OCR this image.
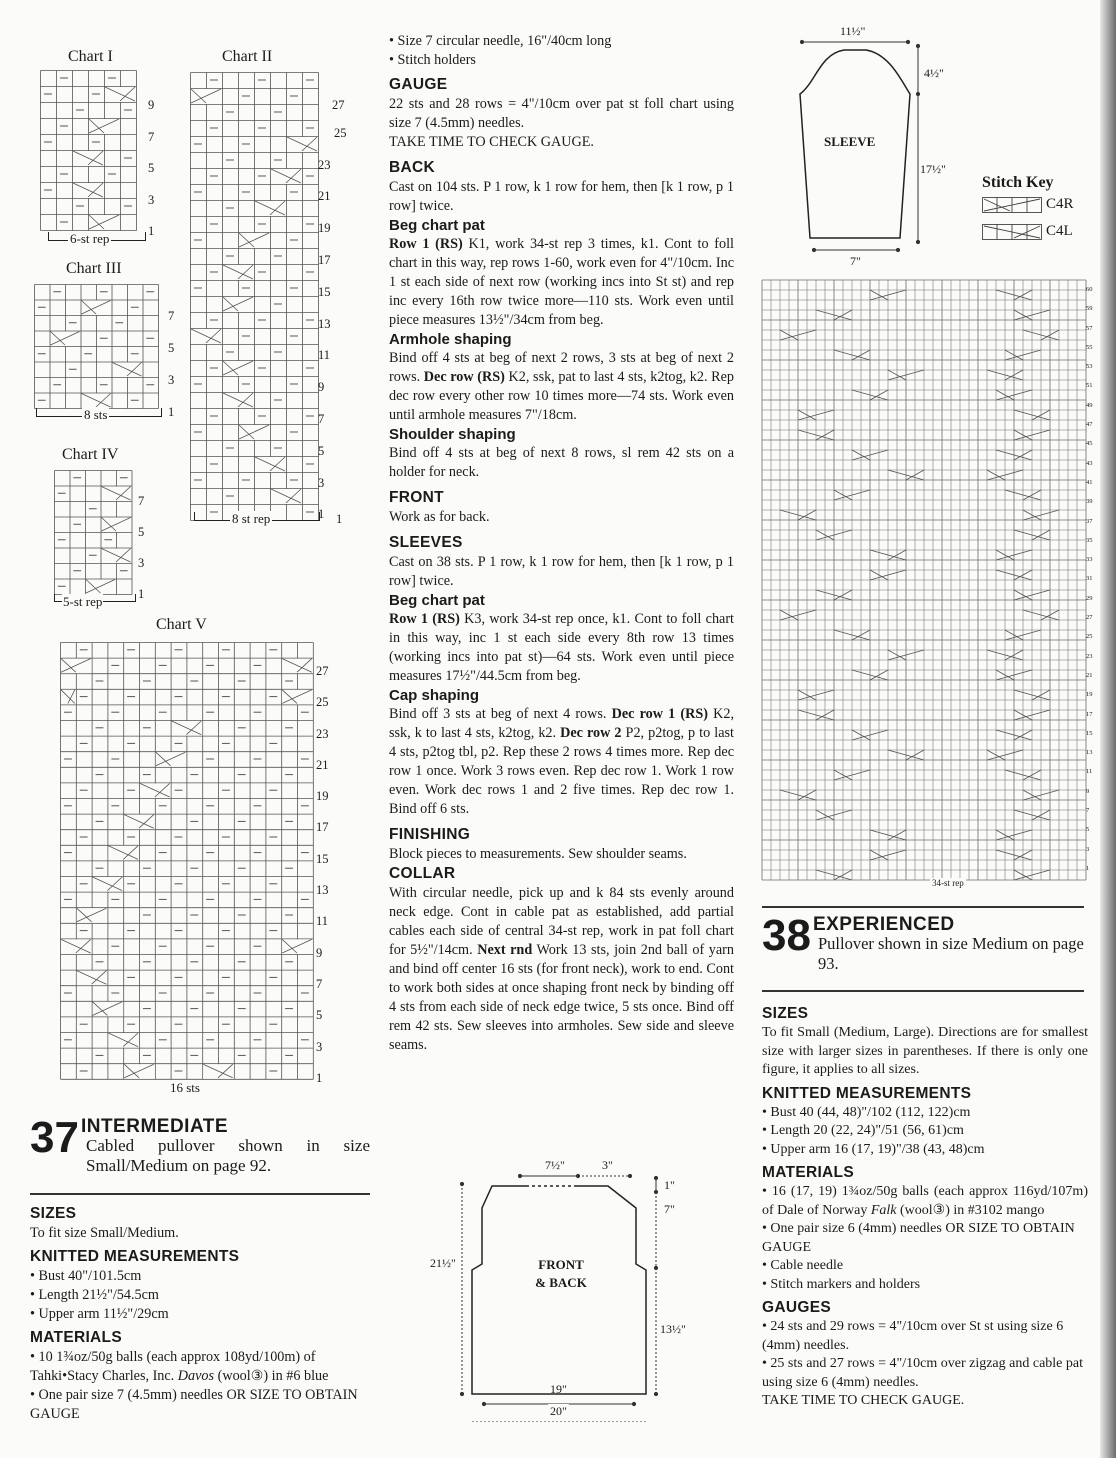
Chart I
9
7
5
3
1
6-st rep
Chart II
27
25
23
21
19
17
15
13
11
9
7
5
3
1
8 st rep	1
Chart III
7
5
3
1
8 sts
Chart IV
7
5
3
1
5-st rep
Chart V
16 sts
27
25
23
21
19
17
15
13
11
9
7
5
3
1
37 INTERMEDIATE
Cabled pullover shown in size Small/Medium on page 92.

SIZES

To fit size Small/Medium.

KNITTED MEASUREMENTS

• Bust 40"/101.5cm
• Length 21½"/54.5cm
• Upper arm 11½"/29cm

MATERIALS

• 10 1¾oz/50g balls (each approx 108yd/100m) of Tahki•Stacy Charles, Inc. Davos (wool③) in #6 blue

• One pair size 7 (4.5mm) needles OR SIZE TO OBTAIN GAUGE

• Size 7 circular needle, 16"/40cm long
• Stitch holders

GAUGE

22 sts and 28 rows = 4"/10cm over pat st foll chart using size 7 (4.5mm) needles.

TAKE TIME TO CHECK GAUGE.

BACK

Cast on 104 sts. P 1 row, k 1 row for hem, then [k 1 row, p 1 row] twice.

Beg chart pat

Row 1 (RS) K1, work 34-st rep 3 times, k1. Cont to foll chart in this way, rep rows 1-60, work even for 4"/10cm. Inc 1 st each side of next row (working incs into St st) and rep inc every 16th row twice more—110 sts. Work even until piece measures 13½"/34cm from beg.

Armhole shaping

Bind off 4 sts at beg of next 2 rows, 3 sts at beg of next 2 rows. Dec row (RS) K2, ssk, pat to last 4 sts, k2tog, k2. Rep dec row every other row 10 times more—74 sts. Work even until armhole measures 7"/18cm.

Shoulder shaping

Bind off 4 sts at beg of next 8 rows, sl rem 42 sts on a holder for neck.

FRONT

Work as for back.

SLEEVES

Cast on 38 sts. P 1 row, k 1 row for hem, then [k 1 row, p 1 row] twice.

Beg chart pat

Row 1 (RS) K3, work 34-st rep once, k1. Cont to foll chart in this way, inc 1 st each side every 8th row 13 times (working incs into pat st)—64 sts. Work even until piece measures 17½"/44.5cm from beg.

Cap shaping

Bind off 3 sts at beg of next 4 rows. Dec row 1 (RS) K2, ssk, k to last 4 sts, k2tog, k2. Dec row 2 P2, p2tog, p to last 4 sts, p2tog tbl, p2. Rep these 2 rows 4 times more. Rep dec row 1 once. Work 3 rows even. Rep dec row 1. Work 1 row even. Work dec rows 1 and 2 five times. Rep dec row 1. Bind off 6 sts.

FINISHING

Block pieces to measurements. Sew shoulder seams.

COLLAR

With circular needle, pick up and k 84 sts evenly around neck edge. Cont in cable pat as established, add partial cables each side of central 34-st rep, work in pat foll chart for 5½"/14cm. Next rnd Work 13 sts, join 2nd ball of yarn and bind off center 16 sts (for front neck), work to end. Cont to work both sides at once shaping front neck by binding off 4 sts from each side of neck edge twice, 5 sts once. Bind off rem 42 sts. Sew sleeves into armholes. Sew side and sleeve seams.

7½"	3"
1"
7"
21½"
13½"
FRONT
& BACK
19"
20"
11½"
4½"
17½"
SLEEVE
7"
Stitch Key
C4R
C4L
34-st rep
60
59
57
55
53
51
49
47
45
43
41
39
37
35
33
31
29
27
25
23
21
19
17
15
13
11
9
7
5
3
1
38 EXPERIENCED
Pullover shown in size Medium on page 93.

SIZES

To fit Small (Medium, Large). Directions are for smallest size with larger sizes in parentheses. If there is only one figure, it applies to all sizes.

KNITTED MEASUREMENTS

• Bust 40 (44, 48)"/102 (112, 122)cm
• Length 20 (22, 24)"/51 (56, 61)cm
• Upper arm 16 (17, 19)"/38 (43, 48)cm

MATERIALS

• 16 (17, 19) 1¾oz/50g balls (each approx 116yd/107m) of Dale of Norway Falk (wool③) in #3102 mango

• One pair size 6 (4mm) needles OR SIZE TO OBTAIN GAUGE

• Cable needle

• Stitch markers and holders

GAUGES

• 24 sts and 29 rows = 4"/10cm over St st using size 6 (4mm) needles.

• 25 sts and 27 rows = 4"/10cm over zigzag and cable pat using size 6 (4mm) needles.

TAKE TIME TO CHECK GAUGE.
